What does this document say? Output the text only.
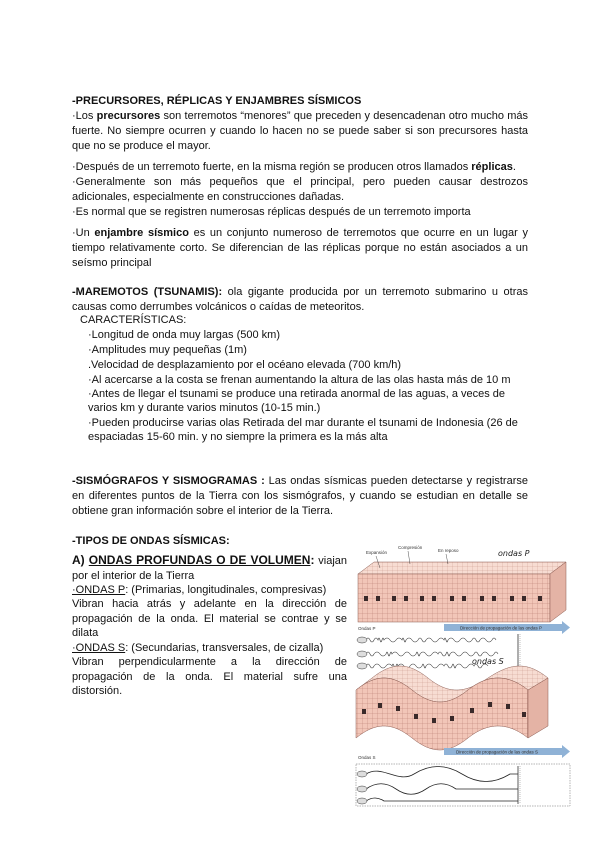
-PRECURSORES, RÉPLICAS Y ENJAMBRES SÍSMICOS
·Los precursores son terremotos “menores” que preceden y desencadenan otro mucho más fuerte. No siempre ocurren y cuando lo hacen no se puede saber si son precursores hasta que no se produce el mayor.
·Después de un terremoto fuerte, en la misma región se producen otros llamados réplicas.
·Generalmente son más pequeños que el principal, pero pueden causar destrozos adicionales, especialmente en construcciones dañadas.
·Es normal que se registren numerosas réplicas después de un terremoto importa
·Un enjambre sísmico es un conjunto numeroso de terremotos que ocurre en un lugar y tiempo relativamente corto. Se diferencian de las réplicas porque no están asociados a un seísmo principal
-MAREMOTOS (TSUNAMIS): ola gigante producida por un terremoto submarino u otras causas como derrumbes volcánicos o caídas de meteoritos.
CARACTERÍSTICAS:
·Longitud de onda muy largas (500 km)
·Amplitudes muy pequeñas (1m)
.Velocidad de desplazamiento por el océano elevada (700 km/h)
·Al acercarse a la costa se frenan aumentando la altura de las olas hasta más de 10 m
·Antes de llegar el tsunami se produce una retirada anormal de las aguas, a veces de varios km y durante varios minutos (10-15 min.)
·Pueden producirse varias olas Retirada del mar durante el tsunami de Indonesia (26 de espaciadas 15-60 min. y no siempre la primera es la más alta
-SISMÓGRAFOS Y SISMOGRAMAS : Las ondas sísmicas pueden detectarse y registrarse en diferentes puntos de la Tierra con los sismógrafos, y cuando se estudian en detalle se obtiene gran información sobre el interior de la Tierra.
-TIPOS DE ONDAS SÍSMICAS:
A) ONDAS PROFUNDAS O DE VOLUMEN: viajan por el interior de la Tierra
·ONDAS P: (Primarias, longitudinales, compresivas)
Vibran hacia atrás y adelante en la dirección de propagación de la onda. El material se contrae y se dilata
·ONDAS S: (Secundarias, transversales, de cizalla)
Vibran perpendicularmente a la dirección de propagación de la onda. El material sufre una distorsión.
Expansión
Compresión
En reposo	ondas P
Dirección de propagación de las ondas P
Ondas P
ondas S
Dirección de propagación de las ondas S
Ondas S
